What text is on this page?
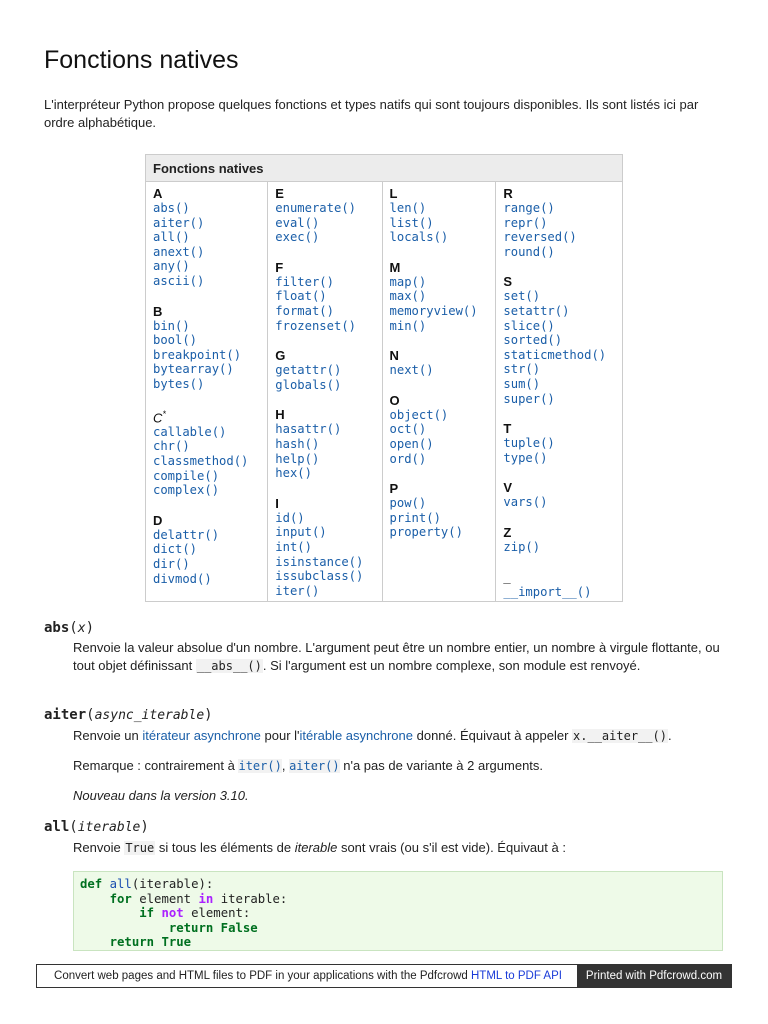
Fonctions natives

L'interpréteur Python propose quelques fonctions et types natifs qui sont toujours disponibles. Ils sont listés ici par ordre alphabétique.

Fonctions natives

A
abs()
aiter()
all()
anext()
any()
ascii()
B
bin()
bool()
breakpoint()
bytearray()
bytes()
C*
callable()
chr()
classmethod()
compile()
complex()
D
delattr()
dict()
dir()
divmod()

E
enumerate()
eval()
exec()
F
filter()
float()
format()
frozenset()
G
getattr()
globals()
H
hasattr()
hash()
help()
hex()
I
id()
input()
int()
isinstance()
issubclass()
iter()

L
len()
list()
locals()
M
map()
max()
memoryview()
min()
N
next()
O
object()
oct()
open()
ord()
P
pow()
print()
property()

R
range()
repr()
reversed()
round()
S
set()
setattr()
slice()
sorted()
staticmethod()
str()
sum()
super()
T
tuple()
type()
V
vars()
Z
zip()
_
__import__()
abs(x)

Renvoie la valeur absolue d'un nombre. L'argument peut être un nombre entier, un nombre à virgule flottante, ou tout objet définissant __abs__(). Si l'argument est un nombre complexe, son module est renvoyé.

aiter(async_iterable)

Renvoie un itérateur asynchrone pour l'itérable asynchrone donné. Équivaut à appeler x.__aiter__().

Remarque : contrairement à iter(), aiter() n'a pas de variante à 2 arguments.

Nouveau dans la version 3.10.

all(iterable)

Renvoie True si tous les éléments de iterable sont vrais (ou s'il est vide). Équivaut à :

def all(iterable):
for element in iterable:
if not element:
return False
return True
Convert web pages and HTML files to PDF in your applications with the Pdfcrowd HTML to PDF API	Printed with Pdfcrowd.com
